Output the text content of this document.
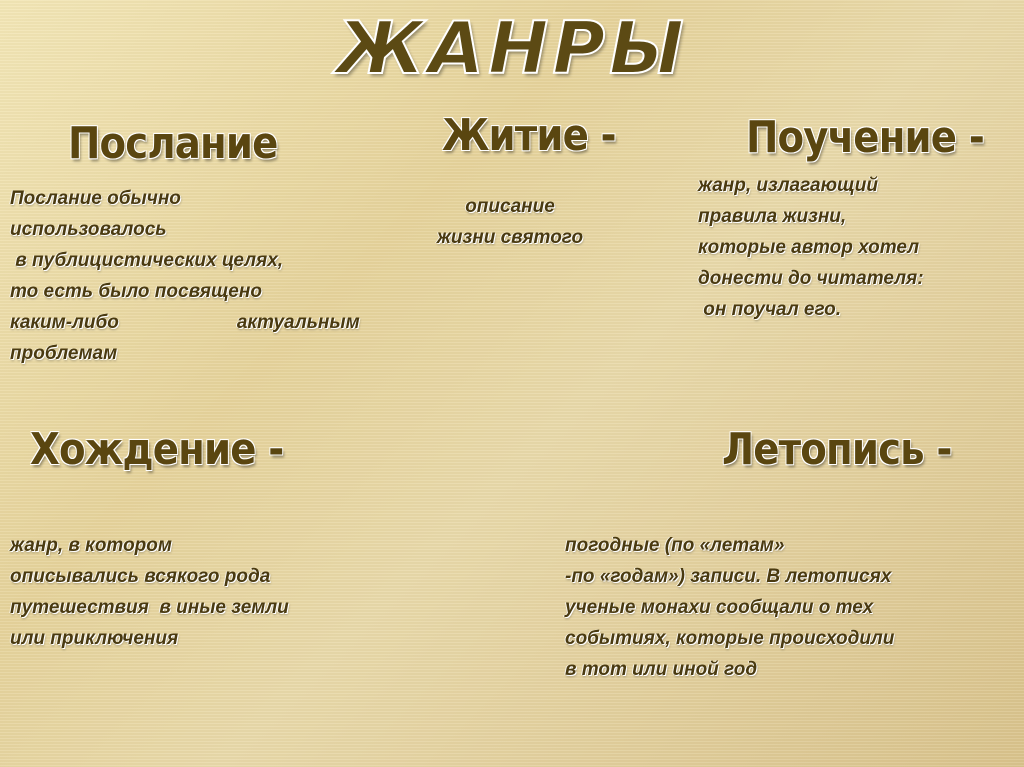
ЖАНРЫ
Послание
Послание обычно
использовалось
в публицистических целях,
то есть было посвящено
каким-либо	актуальным
проблемам
Житие -
описание
жизни святого
Поучение -
жанр, излагающий
правила жизни,
которые автор хотел
донести до читателя:
он поучал его.
Хождение -
жанр, в котором
описывались всякого рода
путешествия  в иные земли
или приключения
Летопись -
погодные (по «летам»
-по «годам») записи. В летописях
ученые монахи сообщали о тех
событиях, которые происходили
в тот или иной год
